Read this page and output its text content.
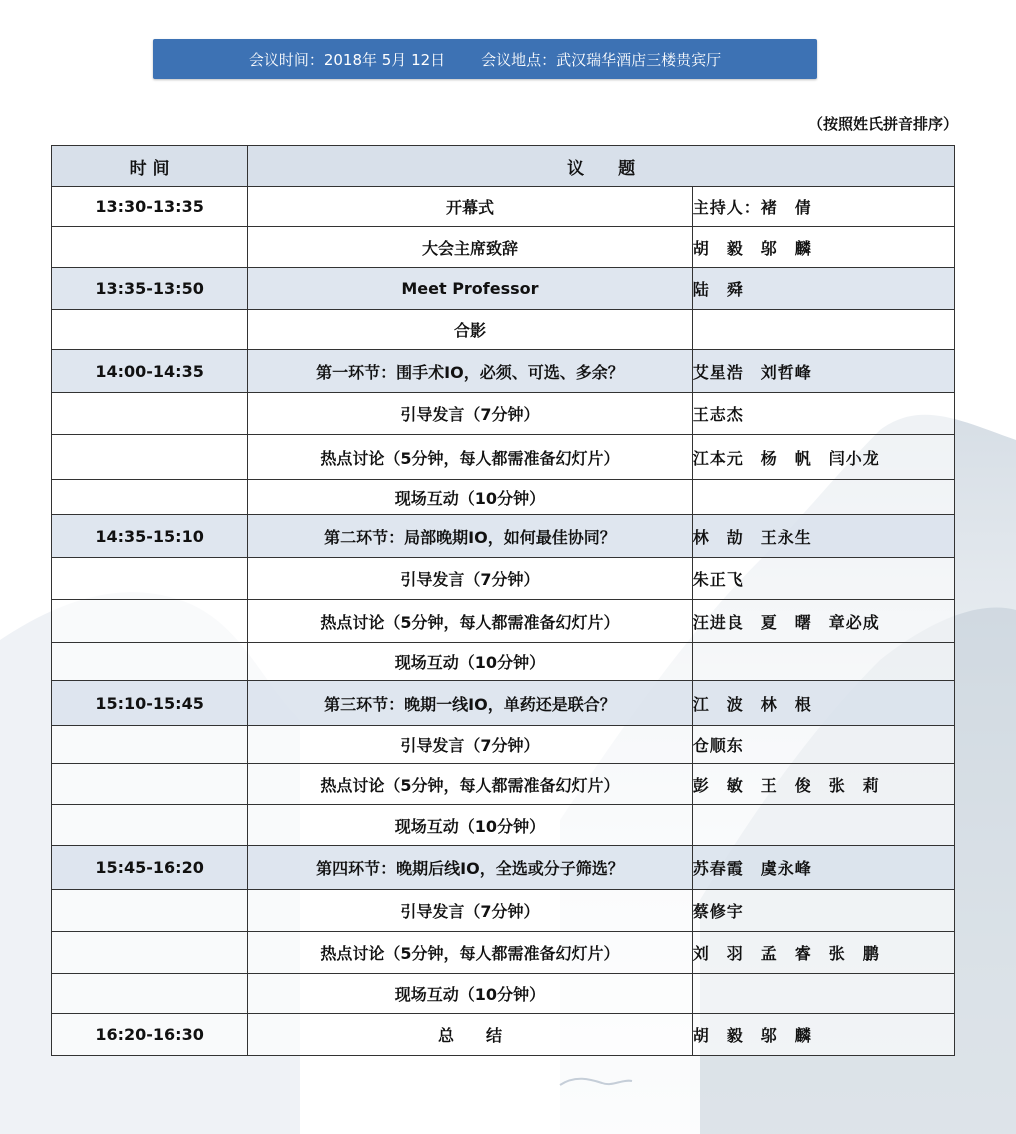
会议时间：2018年 5月 12日 会议地点：武汉瑞华酒店三楼贵宾厅
（按照姓氏拼音排序）
时 间	议　　题	
13:30-13:35	开幕式	主持人：褚　倩
	大会主席致辞	胡　毅　邬　麟
13:35-13:50	Meet Professor	陆　舜
	合影	
14:00-14:35	第一环节：围手术IO，必须、可选、多余？	艾星浩　刘哲峰
	引导发言（7分钟）	王志杰
	热点讨论（5分钟，每人都需准备幻灯片）	江本元　杨　帆　闫小龙
	现场互动（10分钟）	
14:35-15:10	第二环节：局部晚期IO，如何最佳协同？	林　劼　王永生
	引导发言（7分钟）	朱正飞
	热点讨论（5分钟，每人都需准备幻灯片）	汪进良　夏　曙　章必成
	现场互动（10分钟）	
15:10-15:45	第三环节：晚期一线IO，单药还是联合？	江　波　林　根
	引导发言（7分钟）	仓顺东
	热点讨论（5分钟，每人都需准备幻灯片）	彭　敏　王　俊　张　莉
	现场互动（10分钟）	
15:45-16:20	第四环节：晚期后线IO，全选或分子筛选？	苏春霞　虞永峰
	引导发言（7分钟）	蔡修宇
	热点讨论（5分钟，每人都需准备幻灯片）	刘　羽　孟　睿　张　鹏
	现场互动（10分钟）	
16:20-16:30	总　　结	胡　毅　邬　麟
